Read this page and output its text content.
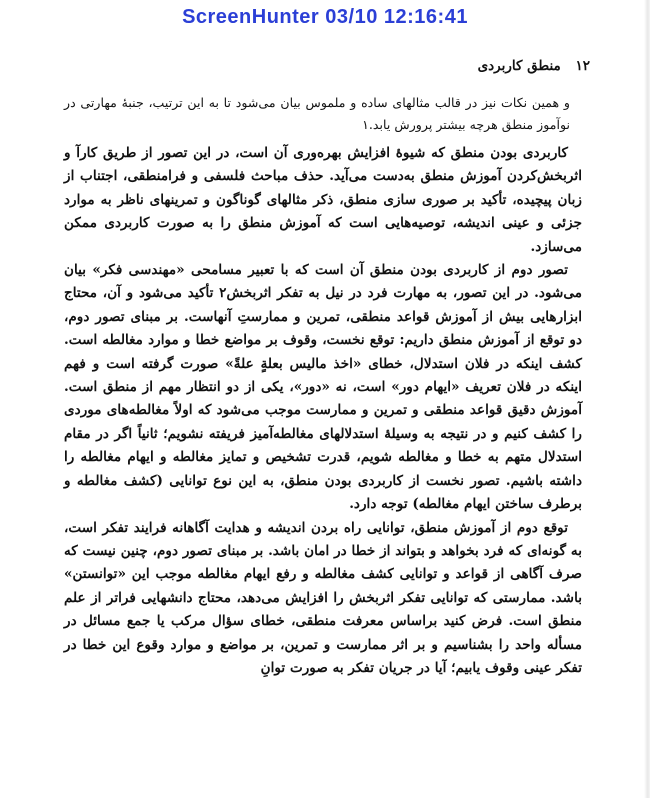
ScreenHunter 03/10 12:16:41
١٢ منطق کاربردی

و همین نکات نیز در قالب مثالهای ساده و ملموس بیان می‌شود تا به این ترتیب، جنبهٔ مهارتی در نوآموز منطق هرچه بیشتر پرورش یابد.١

کاربردی بودن منطق که شیوهٔ افزایش بهره‌وری آن است، در این تصور از طریق کارآ و اثربخش‌کردن آموزش منطق به‌دست می‌آید. حذف مباحث فلسفی و فرامنطقی، اجتناب از زبان پیچیده، تأکید بر صوری سازی منطق، ذکر مثالهای گوناگون و تمرینهای ناظر به موارد جزئی و عینی اندیشه، توصیه‌هایی است که آموزش منطق را به صورت کاربردی ممکن می‌سازد.

تصور دوم از کاربردی بودن منطق آن است که با تعبیر مسامحی «مهندسی فکر» بیان می‌شود. در این تصور، به مهارت فرد در نیل به تفکر اثربخش٢ تأکید می‌شود و آن، محتاج ابزارهایی بیش از آموزش قواعد منطقی، تمرین و ممارستِ آنهاست. بر مبنای تصور دوم، دو توقع از آموزش منطق داریم: توقع نخست، وقوف بر مواضع خطا و موارد مغالطه است. کشف اینکه در فلان استدلال، خطای «اخذ مالیس بعلةٍ علةً» صورت گرفته است و فهم اینکه در فلان تعریف «ایهام دور» است، نه «دور»، یکی از دو انتظار مهم از منطق است. آموزش دقیق قواعد منطقی و تمرین و ممارست موجب می‌شود که اولاً مغالطه‌های موردی را کشف کنیم و در نتیجه به وسیلهٔ استدلالهای مغالطه‌آمیز فریفته نشویم؛ ثانیاً اگر در مقام استدلال متهم به خطا و مغالطه شویم، قدرت تشخیص و تمایز مغالطه و ایهام مغالطه را داشته باشیم. تصور نخست از کاربردی بودن منطق، به این نوع توانایی (کشف مغالطه و برطرف ساختن ایهام مغالطه) توجه دارد.

توقع دوم از آموزش منطق، توانایی راه بردن اندیشه و هدایت آگاهانه فرایند تفکر است، به گونه‌ای که فرد بخواهد و بتواند از خطا در امان باشد. بر مبنای تصور دوم، چنین نیست که صرف آگاهی از قواعد و توانایی کشف مغالطه و رفع ایهام مغالطه موجب این «توانستن» باشد. ممارستی که توانایی تفکر اثربخش را افزایش می‌دهد، محتاج دانشهایی فراتر از علم منطق است. فرض کنید براساس معرفت منطقی، خطای سؤال مرکب یا جمع مسائل در مسأله واحد را بشناسیم و بر اثر ممارست و تمرین، بر مواضع و موارد وقوع این خطا در تفکر عینی وقوف یابیم؛ آیا در جریان تفکر به صورت توانِ
